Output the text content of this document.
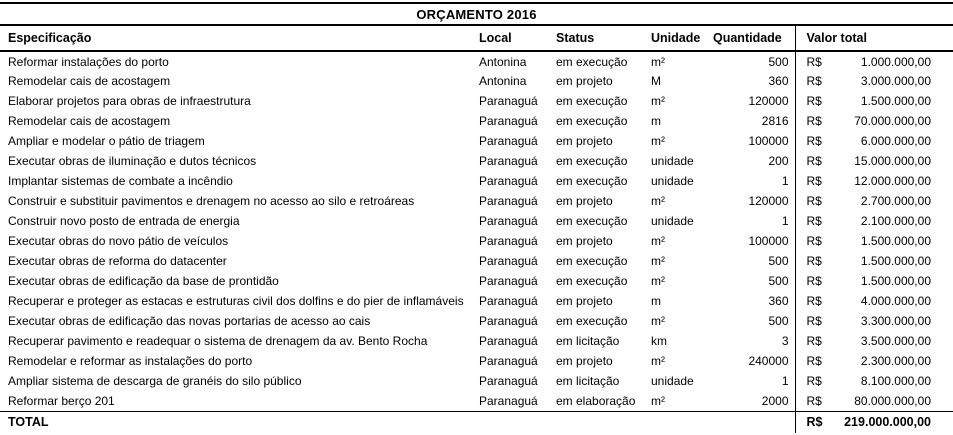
ORÇAMENTO 2016
Especificação	Local	Status	Unidade	Quantidade	Valor total
Reformar instalações do porto	Antonina	em execução	m²	500	R$ 1.000.000,00

Remodelar cais de acostagem	Antonina	em projeto	M	360	R$ 3.000.000,00

Elaborar projetos para obras de infraestrutura	Paranaguá	em execução	m²	120000	R$ 1.500.000,00

Remodelar cais de acostagem	Paranaguá	em execução	m	2816	R$ 70.000.000,00

Ampliar e modelar o pátio de triagem	Paranaguá	em projeto	m²	100000	R$ 6.000.000,00

Executar obras de iluminação e dutos técnicos	Paranaguá	em execução	unidade	200	R$ 15.000.000,00

Implantar sistemas de combate a incêndio	Paranaguá	em execução	unidade	1	R$ 12.000.000,00

Construir e substituir pavimentos e drenagem no acesso ao silo e retroáreas	Paranaguá	em projeto	m²	120000	R$ 2.700.000,00

Construir novo posto de entrada de energia	Paranaguá	em execução	unidade	1	R$ 2.100.000,00

Executar obras do novo pátio de veículos	Paranaguá	em projeto	m²	100000	R$ 1.500.000,00

Executar obras de reforma do datacenter	Paranaguá	em execução	m²	500	R$ 1.500.000,00

Executar obras de edificação da base de prontidão	Paranaguá	em execução	m²	500	R$ 1.500.000,00

Recuperar e proteger as estacas e estruturas civil dos dolfins e do pier de inflamáveis	Paranaguá	em projeto	m	360	R$ 4.000.000,00

Executar obras de edificação das novas portarias de acesso ao cais	Paranaguá	em execução	m²	500	R$ 3.300.000,00

Recuperar pavimento e readequar o sistema de drenagem da av. Bento Rocha	Paranaguá	em licitação	km	3	R$ 3.500.000,00

Remodelar e reformar as instalações do porto	Paranaguá	em projeto	m²	240000	R$ 2.300.000,00

Ampliar sistema de descarga de granéis do silo público	Paranaguá	em licitação	unidade	1	R$ 8.100.000,00

Reformar berço 201	Paranaguá	em elaboração	m²	2000	R$ 80.000.000,00

TOTAL					R$ 219.000.000,00
